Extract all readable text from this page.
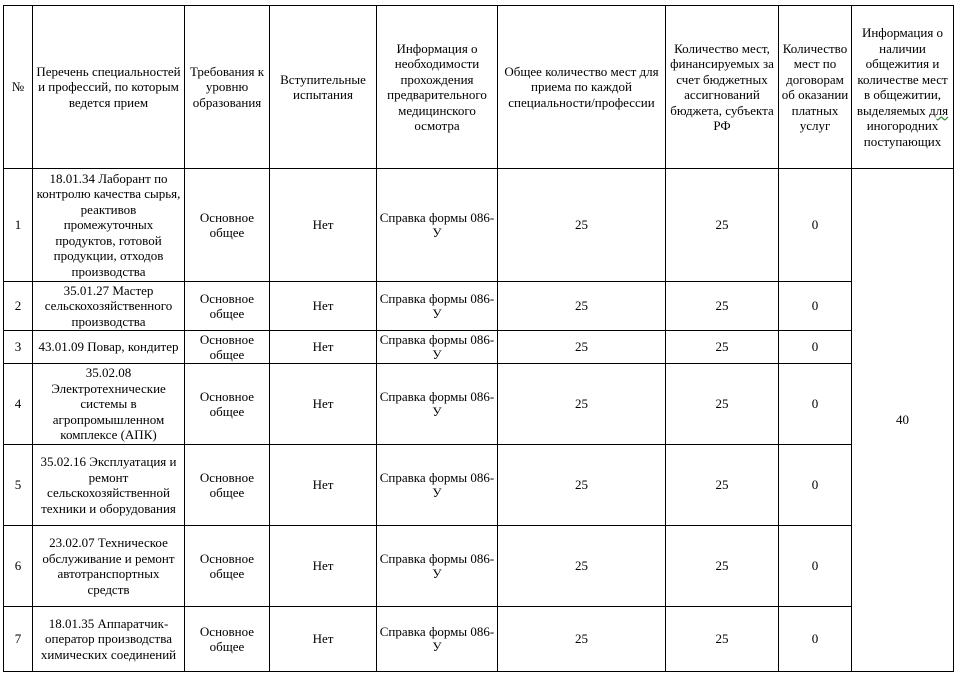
№	Перечень специальностей и профессий, по которым ведется прием	Требования к уровню образования	Вступительные испытания	Информация о необходимости прохождения предварительного медицинского осмотра	Общее количество мест для приема по каждой специальности/профессии	Количество мест, финансируемых за счет бюджетных ассигнований бюджета, субъекта РФ	Количество мест по договорам об оказании платных услуг	Информация о наличии общежития и количестве мест в общежитии, выделяемых для иногородних поступающих
1	18.01.34 Лаборант по контролю качества сырья, реактивов промежуточных продуктов, готовой продукции, отходов производства	Основное общее	Нет	Справка формы 086-У	25	25	0	40
2	35.01.27 Мастер сельскохозяйственного производства	Основное общее	Нет	Справка формы 086-У	25	25	0	
3	43.01.09 Повар, кондитер	Основное общее	Нет	Справка формы 086-У	25	25	0	
4	35.02.08 Электротехнические системы в агропромышленном комплексе (АПК)	Основное общее	Нет	Справка формы 086-У	25	25	0	
5	35.02.16 Эксплуатация и ремонт сельскохозяйственной техники и оборудования	Основное общее	Нет	Справка формы 086-У	25	25	0	
6	23.02.07 Техническое обслуживание и ремонт автотранспортных средств	Основное общее	Нет	Справка формы 086-У	25	25	0	
7	18.01.35 Аппаратчик-оператор производства химических соединений	Основное общее	Нет	Справка формы 086-У	25	25	0	
